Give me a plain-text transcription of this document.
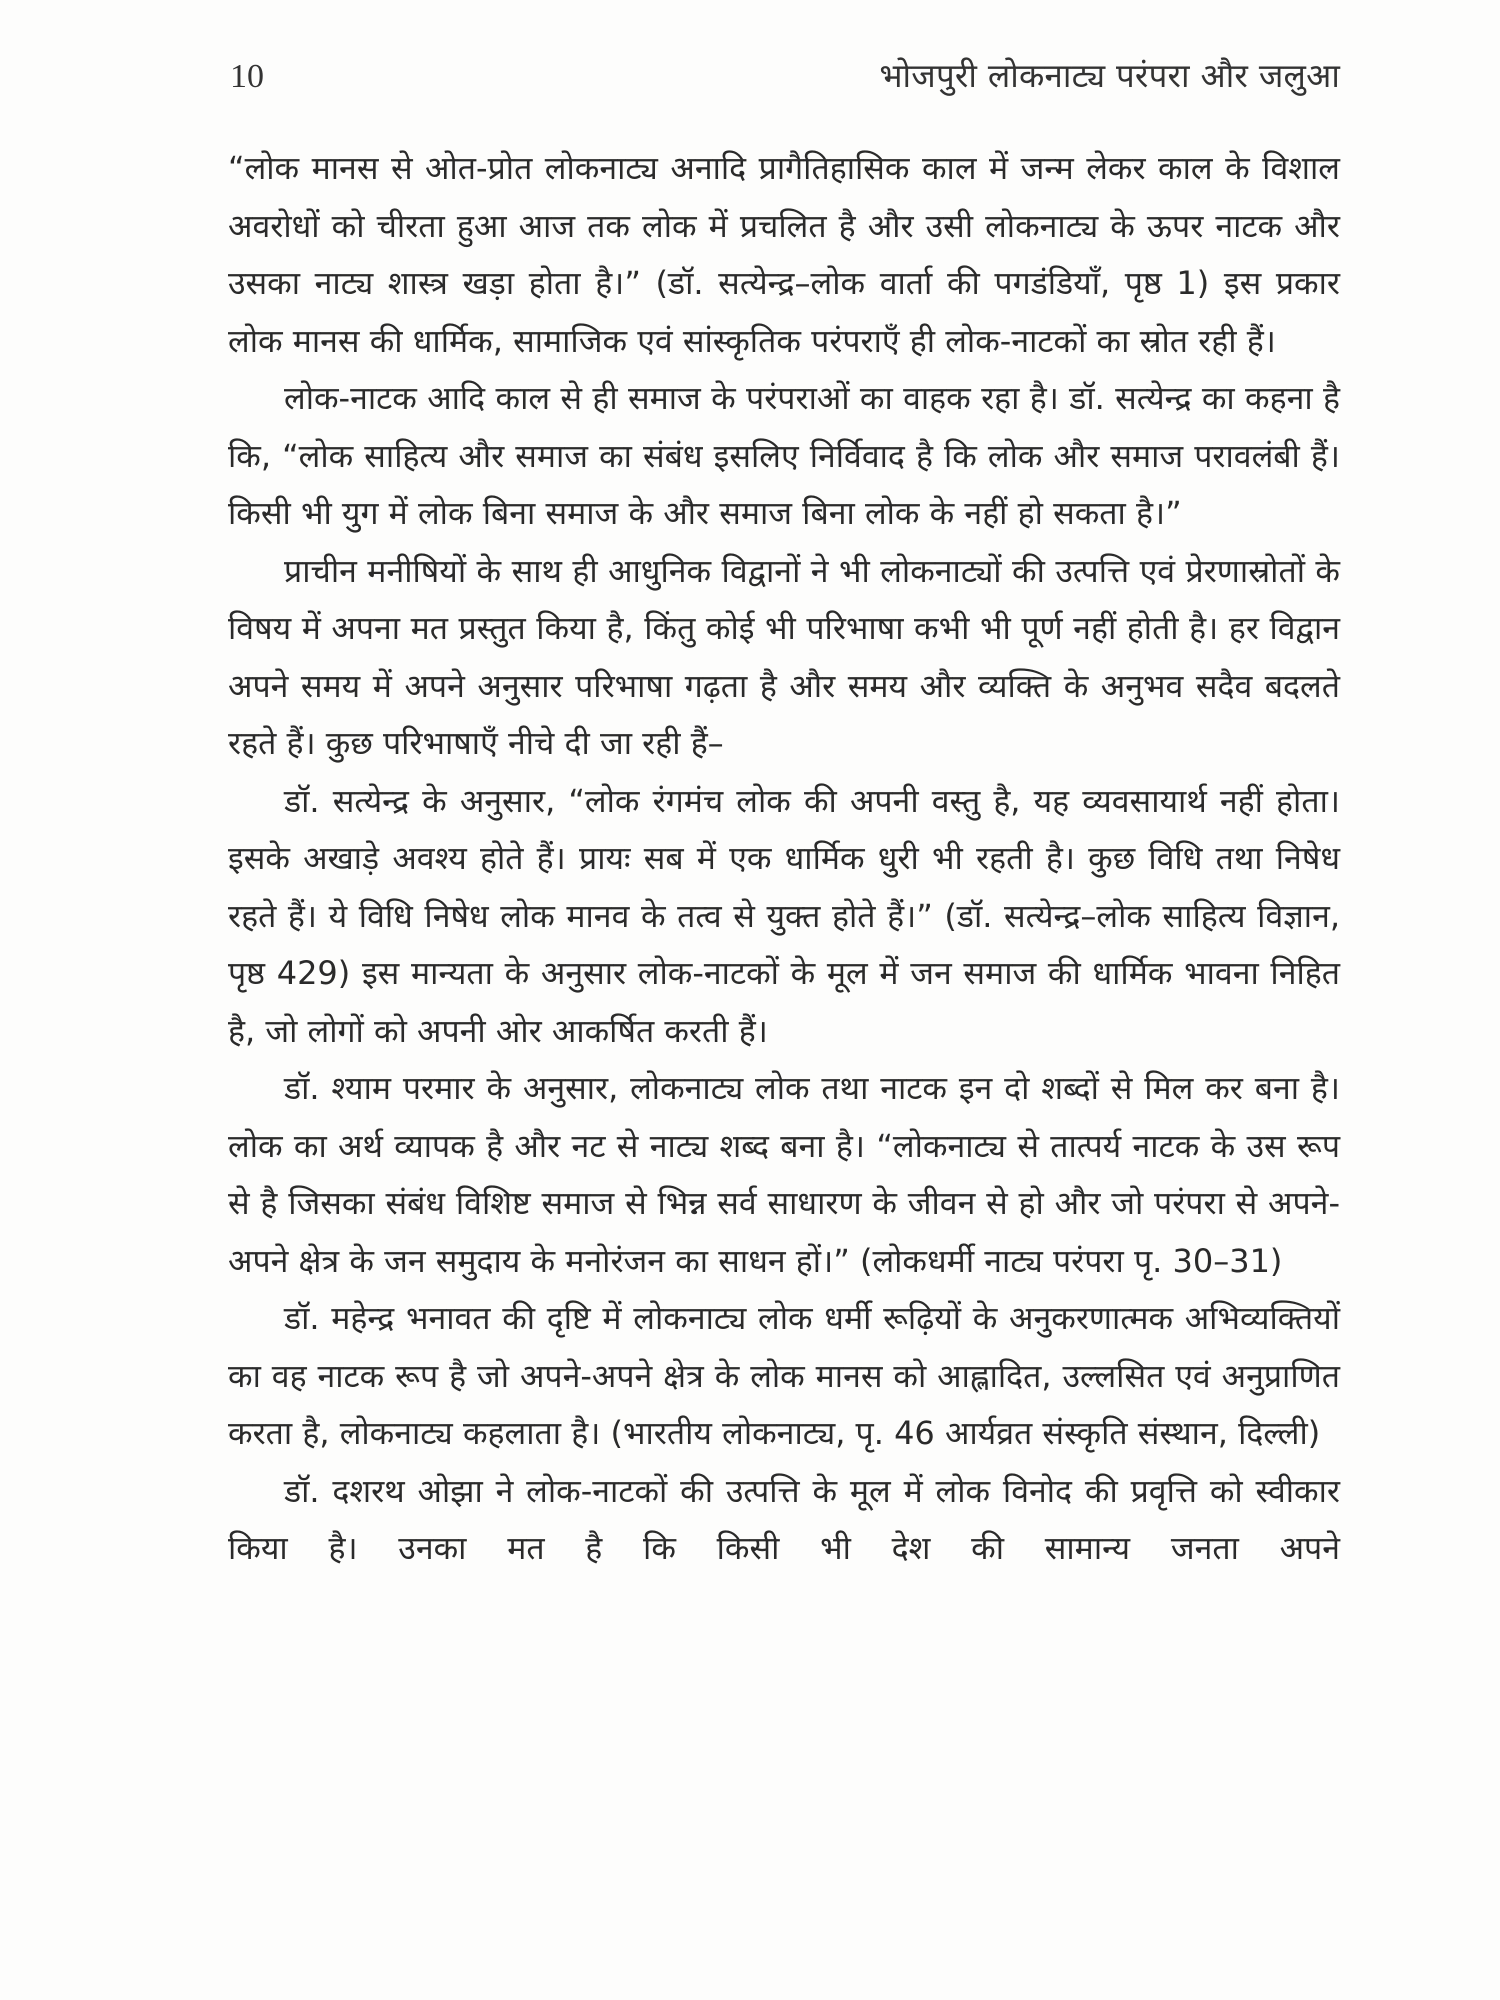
10	भोजपुरी लोकनाट्य परंपरा और जलुआ

“लोक मानस से ओत-प्रोत लोकनाट्य अनादि प्रागैतिहासिक काल में जन्म लेकर काल के विशाल अवरोधों को चीरता हुआ आज तक लोक में प्रचलित है और उसी लोकनाट्य के ऊपर नाटक और उसका नाट्य शास्त्र खड़ा होता है।” (डॉ. सत्येन्द्र–लोक वार्ता की पगडंडियाँ, पृष्ठ 1) इस प्रकार लोक मानस की धार्मिक, सामाजिक एवं सांस्कृतिक परंपराएँ ही लोक-नाटकों का स्रोत रही हैं।

लोक-नाटक आदि काल से ही समाज के परंपराओं का वाहक रहा है। डॉ. सत्येन्द्र का कहना है कि, “लोक साहित्य और समाज का संबंध इसलिए निर्विवाद है कि लोक और समाज परावलंबी हैं। किसी भी युग में लोक बिना समाज के और समाज बिना लोक के नहीं हो सकता है।”

प्राचीन मनीषियों के साथ ही आधुनिक विद्वानों ने भी लोकनाट्यों की उत्पत्ति एवं प्रेरणास्रोतों के विषय में अपना मत प्रस्तुत किया है, किंतु कोई भी परिभाषा कभी भी पूर्ण नहीं होती है। हर विद्वान अपने समय में अपने अनुसार परिभाषा गढ़ता है और समय और व्यक्ति के अनुभव सदैव बदलते रहते हैं। कुछ परिभाषाएँ नीचे दी जा रही हैं–

डॉ. सत्येन्द्र के अनुसार, “लोक रंगमंच लोक की अपनी वस्तु है, यह व्यवसायार्थ नहीं होता। इसके अखाड़े अवश्य होते हैं। प्रायः सब में एक धार्मिक धुरी भी रहती है। कुछ विधि तथा निषेध रहते हैं। ये विधि निषेध लोक मानव के तत्व से युक्त होते हैं।” (डॉ. सत्येन्द्र–लोक साहित्य विज्ञान, पृष्ठ 429) इस मान्यता के अनुसार लोक-नाटकों के मूल में जन समाज की धार्मिक भावना निहित है, जो लोगों को अपनी ओर आकर्षित करती हैं।

डॉ. श्याम परमार के अनुसार, लोकनाट्य लोक तथा नाटक इन दो शब्दों से मिल कर बना है। लोक का अर्थ व्यापक है और नट से नाट्य शब्द बना है। “लोकनाट्य से तात्पर्य नाटक के उस रूप से है जिसका संबंध विशिष्ट समाज से भिन्न सर्व साधारण के जीवन से हो और जो परंपरा से अपने-अपने क्षेत्र के जन समुदाय के मनोरंजन का साधन हों।” (लोकधर्मी नाट्य परंपरा पृ. 30–31)

डॉ. महेन्द्र भनावत की दृष्टि में लोकनाट्य लोक धर्मी रूढ़ियों के अनुकरणात्मक अभिव्यक्तियों का वह नाटक रूप है जो अपने-अपने क्षेत्र के लोक मानस को आह्लादित, उल्लसित एवं अनुप्राणित करता है, लोकनाट्य कहलाता है। (भारतीय लोकनाट्य, पृ. 46 आर्यव्रत संस्कृति संस्थान, दिल्ली)

डॉ. दशरथ ओझा ने लोक-नाटकों की उत्पत्ति के मूल में लोक विनोद की प्रवृत्ति को स्वीकार किया है। उनका मत है कि किसी भी देश की सामान्य जनता अपने
